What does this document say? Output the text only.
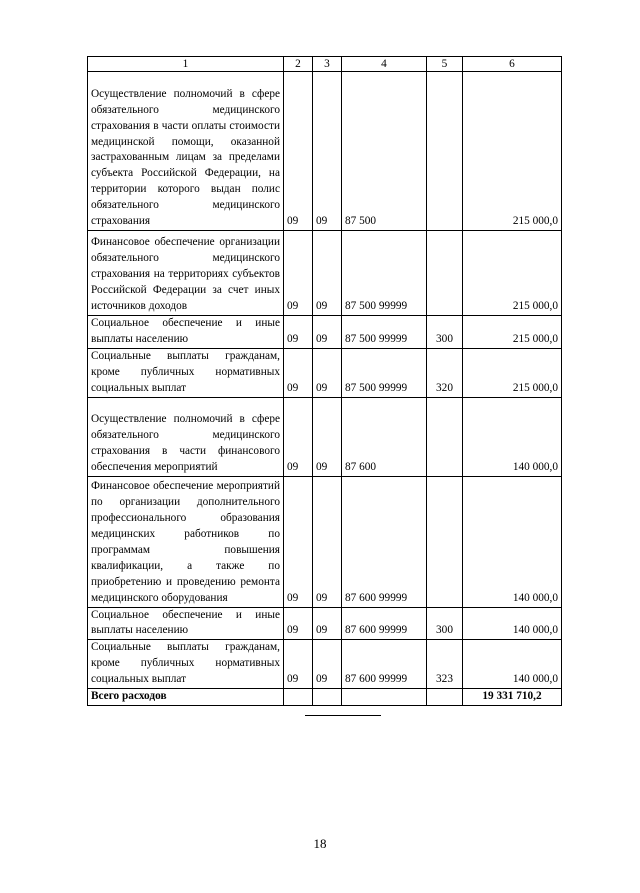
1	2	3	4	5	6
Осуществление полномочий в сфере обязательного медицинского страхования в части оплаты стоимости медицинской помощи, оказанной застрахованным лицам за пределами субъекта Российской Федерации, на территории которого выдан полис обязательного медицинского страхования	09	09	87 500		215 000,0
Финансовое обеспечение организации обязательного медицинского страхования на территориях субъектов Российской Федерации за счет иных источников доходов	09	09	87 500 99999		215 000,0
Социальное обеспечение и иные выплаты населению	09	09	87 500 99999	300	215 000,0
Социальные выплаты гражданам, кроме публичных нормативных социальных выплат	09	09	87 500 99999	320	215 000,0
Осуществление полномочий в сфере обязательного медицинского страхования в части финансового обеспечения мероприятий	09	09	87 600		140 000,0
Финансовое обеспечение мероприятий по организации дополнительного профессионального образования медицинских работников по программам повышения квалификации, а также по приобретению и проведению ремонта медицинского оборудования	09	09	87 600 99999		140 000,0
Социальное обеспечение и иные выплаты населению	09	09	87 600 99999	300	140 000,0
Социальные выплаты гражданам, кроме публичных нормативных социальных выплат	09	09	87 600 99999	323	140 000,0
Всего расходов					19 331 710,2
18
